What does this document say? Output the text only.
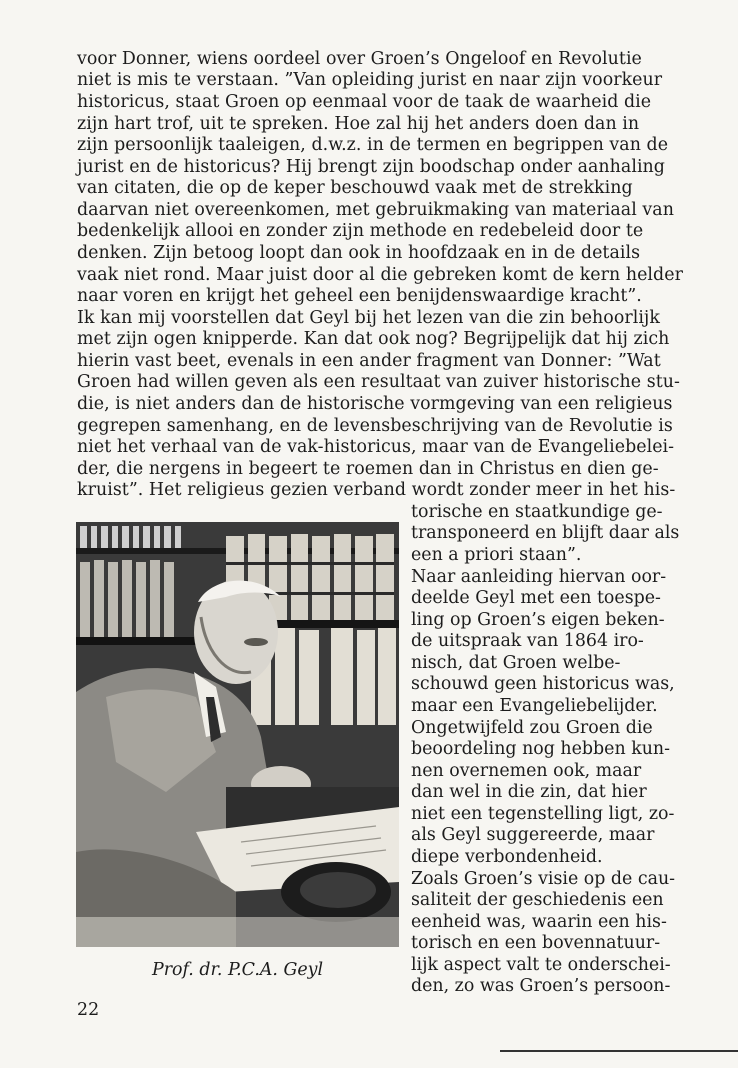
voor Donner, wiens oordeel over Groen’s Ongeloof en Revolutie
niet is mis te verstaan. ”Van opleiding jurist en naar zijn voorkeur
historicus, staat Groen op eenmaal voor de taak de waarheid die
zijn hart trof, uit te spreken. Hoe zal hij het anders doen dan in
zijn persoonlijk taaleigen, d.w.z. in de termen en begrippen van de
jurist en de historicus? Hij brengt zijn boodschap onder aanhaling
van citaten, die op de keper beschouwd vaak met de strekking
daarvan niet overeenkomen, met gebruikmaking van materiaal van
bedenkelijk allooi en zonder zijn methode en redebeleid door te
denken. Zijn betoog loopt dan ook in hoofdzaak en in de details
vaak niet rond. Maar juist door al die gebreken komt de kern helder
naar voren en krijgt het geheel een benijdenswaardige kracht”.
Ik kan mij voorstellen dat Geyl bij het lezen van die zin behoorlijk
met zijn ogen knipperde. Kan dat ook nog? Begrijpelijk dat hij zich
hierin vast beet, evenals in een ander fragment van Donner: ”Wat
Groen had willen geven als een resultaat van zuiver historische stu-
die, is niet anders dan de historische vormgeving van een religieus
gegrepen samenhang, en de levensbeschrijving van de Revolutie is
niet het verhaal van de vak-historicus, maar van de Evangeliebelei-
der, die nergens in begeert te roemen dan in Christus en dien ge-
kruist”. Het religieus gezien verband wordt zonder meer in het his-
torische en staatkundige ge-
transponeerd en blijft daar als
een a priori staan”.
Naar aanleiding hiervan oor-
deelde Geyl met een toespe-
ling op Groen’s eigen beken-
de uitspraak van 1864 iro-
nisch, dat Groen welbe-
schouwd geen historicus was,
maar een Evangeliebelijder.
Ongetwijfeld zou Groen die
beoordeling nog hebben kun-
nen overnemen ook, maar
dan wel in die zin, dat hier
niet een tegenstelling ligt, zo-
als Geyl suggereerde, maar
diepe verbondenheid.
Zoals Groen’s visie op de cau-
saliteit der geschiedenis een
eenheid was, waarin een his-
torisch en een bovennatuur-
lijk aspect valt te onderschei-
den, zo was Groen’s persoon-
Prof. dr. P.C.A. Geyl
22
